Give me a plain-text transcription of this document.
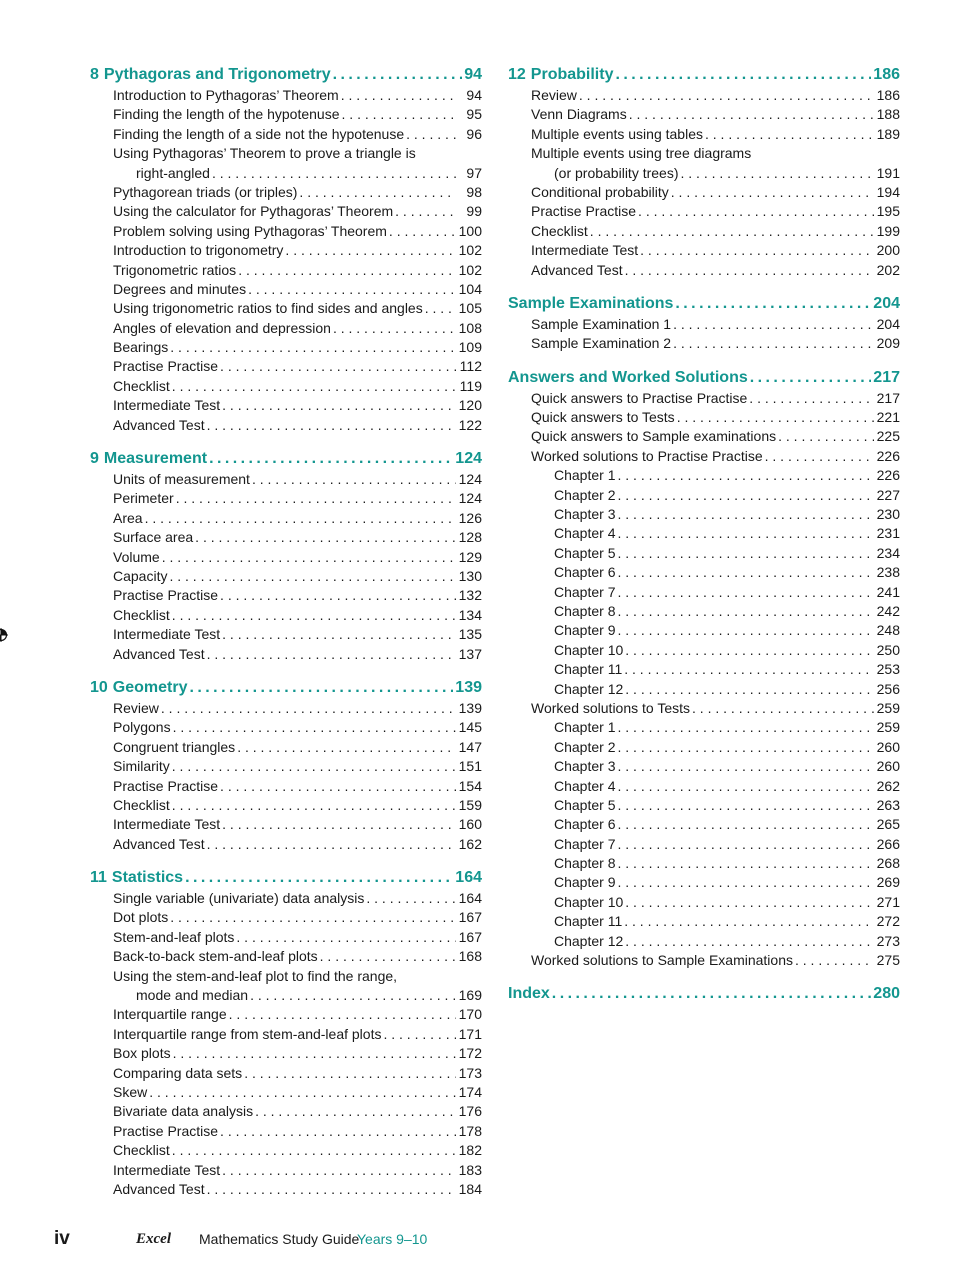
8 Pythagoras and Trigonometry . . .	94
Introduction to Pythagoras’ Theorem . . .	94
Finding the length of the hypotenuse . . .	95
Finding the length of a side not the hypotenuse . . .	96
Using Pythagoras’ Theorem to prove a triangle is
right-angled . . .	97
Pythagorean triads (or triples) . . .	98
Using the calculator for Pythagoras’ Theorem . . .	99
Problem solving using Pythagoras’ Theorem . . .	100
Introduction to trigonometry . . .	102
Trigonometric ratios . . .	102
Degrees and minutes . . .	104
Using trigonometric ratios to find sides and angles . . .	105
Angles of elevation and depression . . .	108
Bearings . . .	109
Practise Practise . . .	112
Checklist . . .	119
Intermediate Test . . .	120
Advanced Test . . .	122
9 Measurement . . .	124
Units of measurement . . .	124
Perimeter . . .	124
Area . . .	126
Surface area . . .	128
Volume . . .	129
Capacity . . .	130
Practise Practise . . .	132
Checklist . . .	134
Intermediate Test . . .	135
Advanced Test . . .	137
10 Geometry . . .	139
Review . . .	139
Polygons . . .	145
Congruent triangles . . .	147
Similarity . . .	151
Practise Practise . . .	154
Checklist . . .	159
Intermediate Test . . .	160
Advanced Test . . .	162
11 Statistics . . .	164
Single variable (univariate) data analysis . . .	164
Dot plots . . .	167
Stem-and-leaf plots . . .	167
Back-to-back stem-and-leaf plots . . .	168
Using the stem-and-leaf plot to find the range,
mode and median . . .	169
Interquartile range . . .	170
Interquartile range from stem-and-leaf plots . . .	171
Box plots . . .	172
Comparing data sets . . .	173
Skew . . .	174
Bivariate data analysis . . .	176
Practise Practise . . .	178
Checklist . . .	182
Intermediate Test . . .	183
Advanced Test . . .	184
12 Probability . . .	186
Review . . .	186
Venn Diagrams . . .	188
Multiple events using tables . . .	189
Multiple events using tree diagrams
(or probability trees) . . .	191
Conditional probability . . .	194
Practise Practise . . .	195
Checklist . . .	199
Intermediate Test . . .	200
Advanced Test . . .	202
Sample Examinations . . .	204
Sample Examination 1 . . .	204
Sample Examination 2 . . .	209
Answers and Worked Solutions . . .	217
Quick answers to Practise Practise . . .	217
Quick answers to Tests . . .	221
Quick answers to Sample examinations . . .	225
Worked solutions to Practise Practise . . .	226
Chapter 1 . . .	226
Chapter 2 . . .	227
Chapter 3 . . .	230
Chapter 4 . . .	231
Chapter 5 . . .	234
Chapter 6 . . .	238
Chapter 7 . . .	241
Chapter 8 . . .	242
Chapter 9 . . .	248
Chapter 10 . . .	250
Chapter 11 . . .	253
Chapter 12 . . .	256
Worked solutions to Tests . . .	259
Chapter 1 . . .	259
Chapter 2 . . .	260
Chapter 3 . . .	260
Chapter 4 . . .	262
Chapter 5 . . .	263
Chapter 6 . . .	265
Chapter 7 . . .	266
Chapter 8 . . .	268
Chapter 9 . . .	269
Chapter 10 . . .	271
Chapter 11 . . .	272
Chapter 12 . . .	273
Worked solutions to Sample Examinations . . .	275
Index . . .	280
iv	Excel Mathematics Study Guide
Years 9–10
